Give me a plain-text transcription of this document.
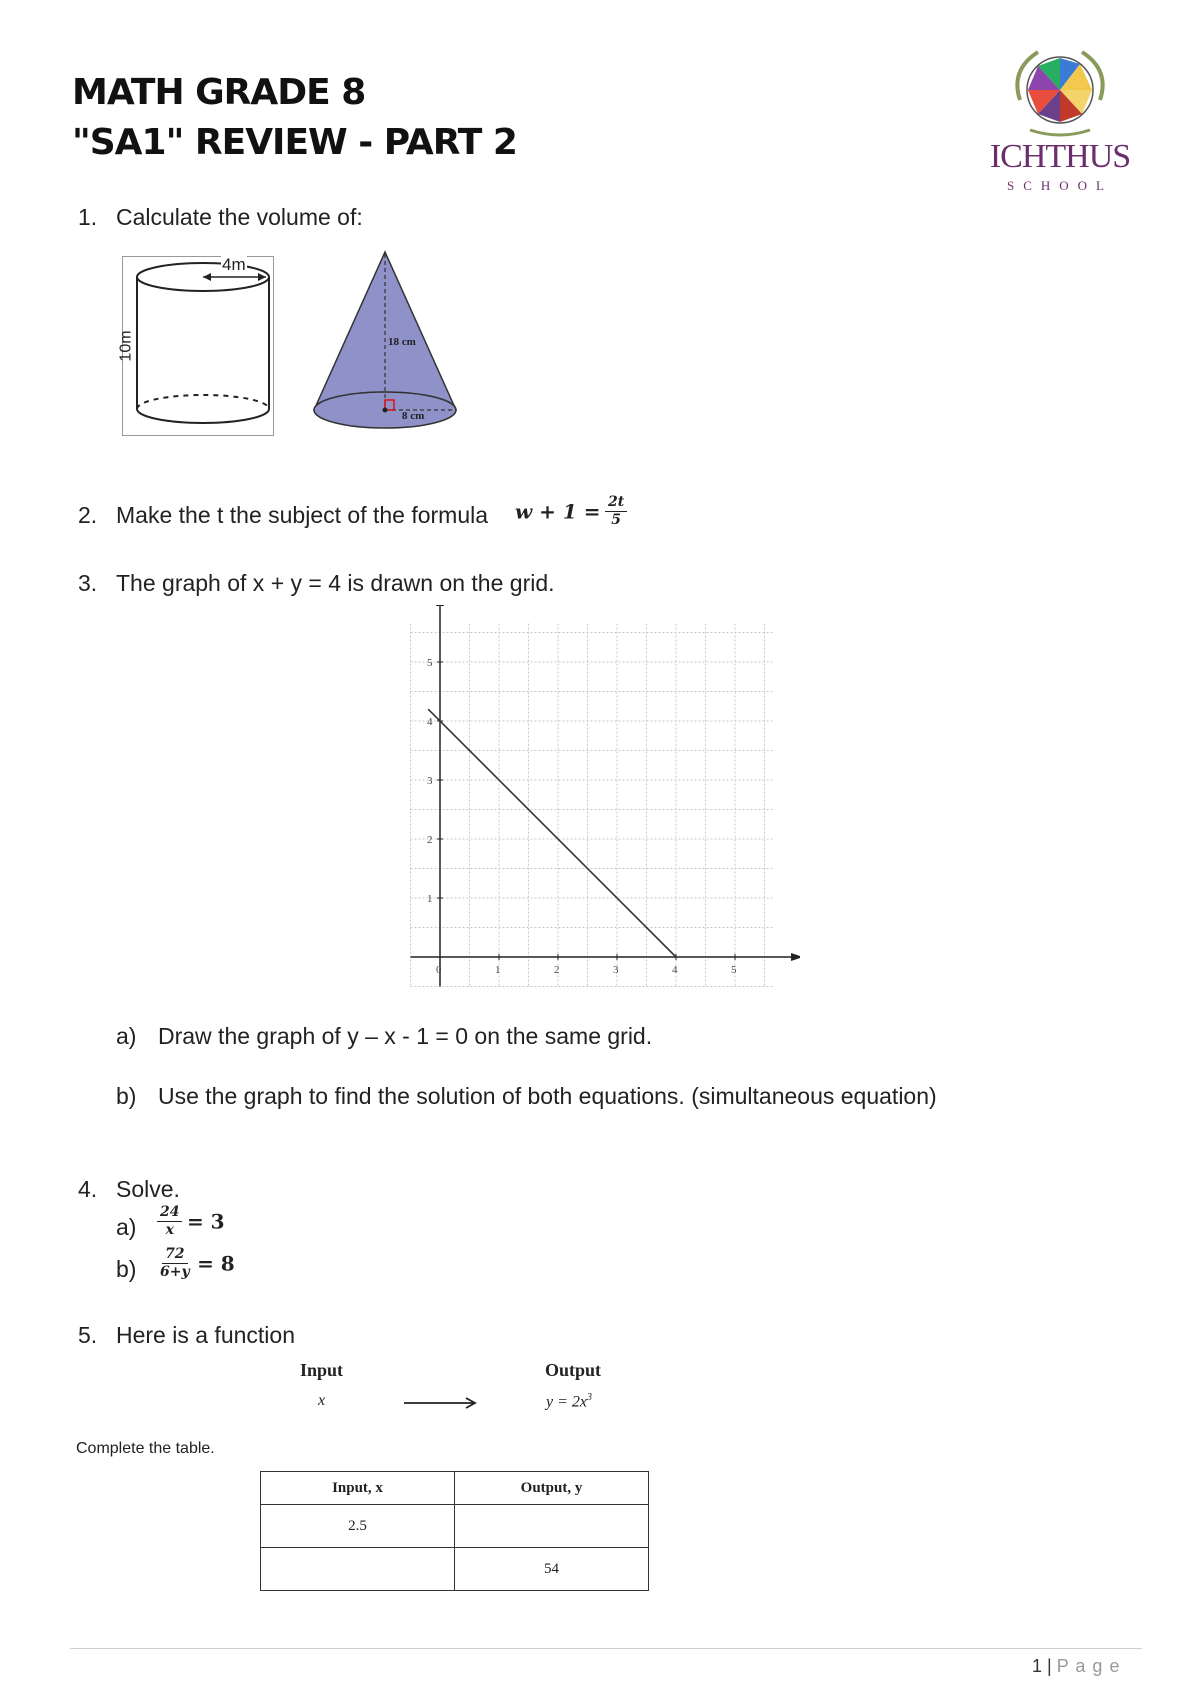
MATH GRADE 8
"SA1" REVIEW - PART 2	ICHTHUS
SCHOOL
1. Calculate the volume of:
4m
10m	18 cm
8 cm
2. Make the t the subject of the formula $w + 1 = \frac{2t}{5}$
3. The graph of x + y = 4 is drawn on the grid.
0	1	2	3	4	5
1
2
3
4
5
a) Draw the graph of y – x - 1 = 0 on the same grid.
b) Use the graph to find the solution of both equations. (simultaneous equation)
4. Solve.
$a) \frac{24}{x} = 3$
$b) \frac{72}{6+y} = 8$
5. Here is a function
Input
x
Output
$y = 2x^3$
Complete the table.
Input, x	Output, y
2.5	
	54
1 | P a g e
